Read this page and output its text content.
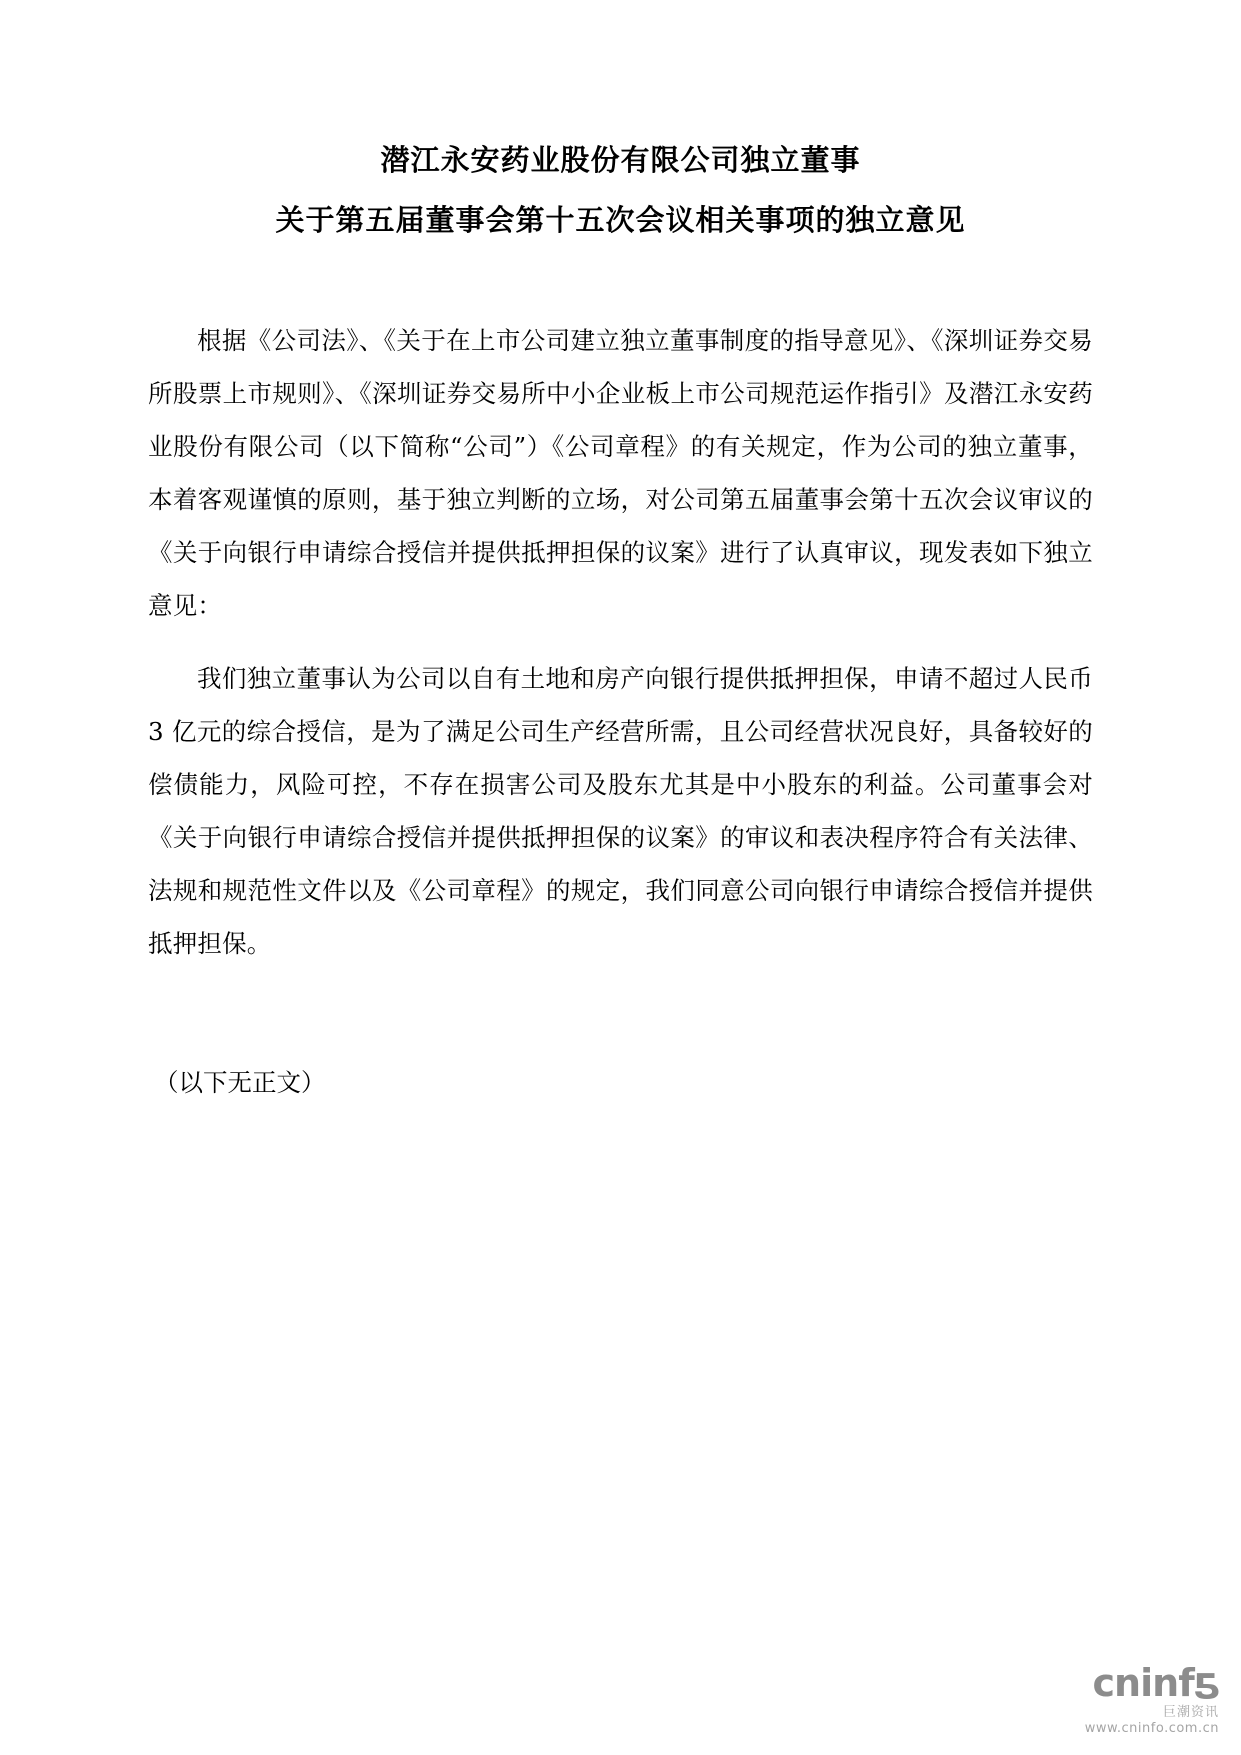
潜江永安药业股份有限公司独立董事
关于第五届董事会第十五次会议相关事项的独立意见

根据《公司法》、《关于在上市公司建立独立董事制度的指导意见》、《深圳证券交易所股票上市规则》、《深圳证券交易所中小企业板上市公司规范运作指引》及潜江永安药业股份有限公司（以下简称“公司”）《公司章程》的有关规定，作为公司的独立董事，本着客观谨慎的原则，基于独立判断的立场，对公司第五届董事会第十五次会议审议的《关于向银行申请综合授信并提供抵押担保的议案》进行了认真审议，现发表如下独立意见：

我们独立董事认为公司以自有土地和房产向银行提供抵押担保，申请不超过人民币 3 亿元的综合授信，是为了满足公司生产经营所需，且公司经营状况良好，具备较好的偿债能力，风险可控，不存在损害公司及股东尤其是中小股东的利益。公司董事会对《关于向银行申请综合授信并提供抵押担保的议案》的审议和表决程序符合有关法律、法规和规范性文件以及《公司章程》的规定，我们同意公司向银行申请综合授信并提供抵押担保。

（以下无正文）

cninfƼ
巨潮资讯
www.cninfo.com.cn
